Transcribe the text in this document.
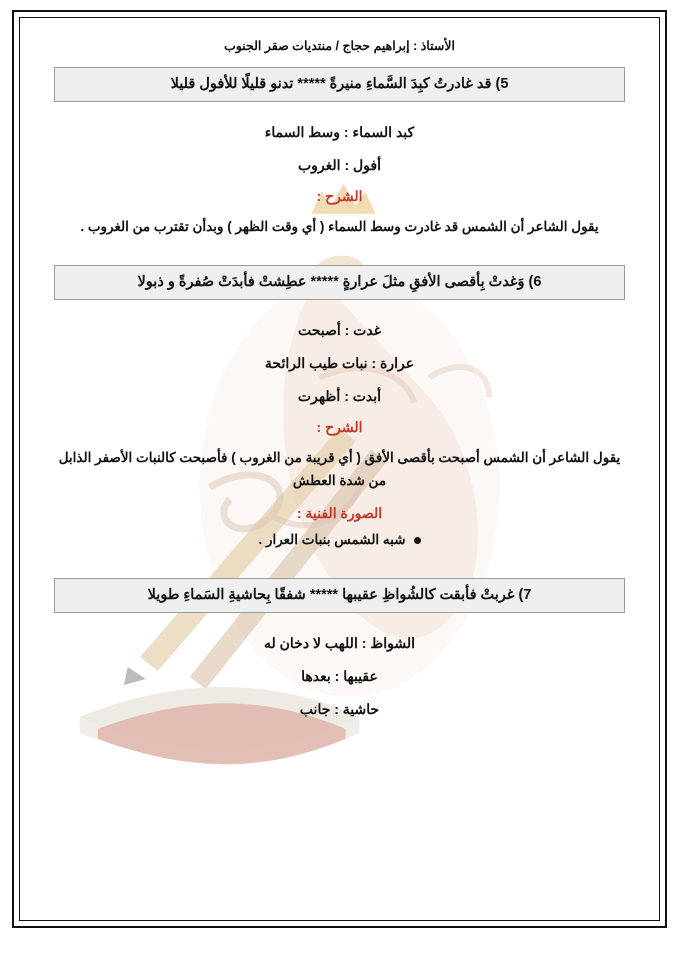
الأستاذ : إبراهيم حجاج / منتديات صقر الجنوب
5) قد غادرتُ كبِدَ السَّماءِ منيرةً ***** تدنو قليلًا للأفول قليلا
كبد السماء : وسط السماء
أفول : الغروب
الشرح :
يقول الشاعر أن الشمس قد غادرت وسط السماء ( أي وقت الظهر ) وبدأن تقترب من الغروب .
6) وَغدتْ بِأقصى الأفقِ مثلَ عرارةٍ ***** عطِشتْ فأبدَتْ صُفرةً و ذبولا
غدت : أصبحت
عرارة : نبات طيب الرائحة
أبدت : أظهرت
الشرح :
يقول الشاعر أن الشمس أصبحت بأقصى الأفق ( أي قريبة من الغروب ) فأصبحت كالنبات الأصفر الذابل من شدة العطش
الصورة الفنية :
شبه الشمس بنبات العرار .
7) غربتْ فأبقت كالشُواظِ عقيبها ***** شفقًا بِحاشيةِ السَماءِ طويلا
الشواظ : اللهب لا دخان له
عقيبها : بعدها
حاشية : جانب
